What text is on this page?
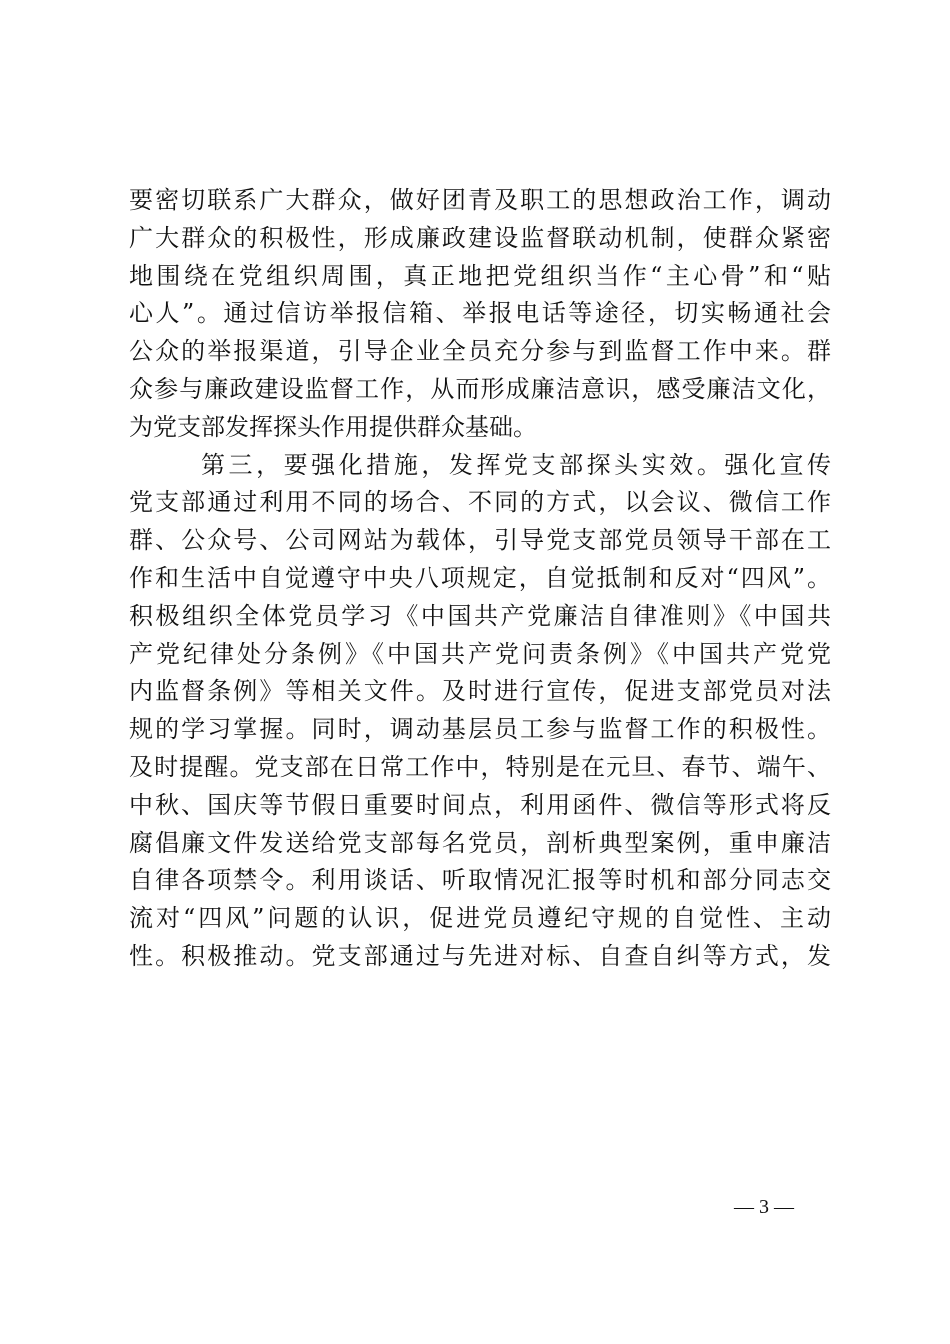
要密切联系广大群众，做好团青及职工的思想政治工作，调动
广大群众的积极性，形成廉政建设监督联动机制，使群众紧密
地围绕在党组织周围，真正地把党组织当作“主心骨”和“贴
心人”。通过信访举报信箱、举报电话等途径，切实畅通社会
公众的举报渠道，引导企业全员充分参与到监督工作中来。群
众参与廉政建设监督工作，从而形成廉洁意识，感受廉洁文化，
为党支部发挥探头作用提供群众基础。
第三，要强化措施，发挥党支部探头实效。强化宣传
党支部通过利用不同的场合、不同的方式，以会议、微信工作
群、公众号、公司网站为载体，引导党支部党员领导干部在工
作和生活中自觉遵守中央八项规定，自觉抵制和反对“四风”。
积极组织全体党员学习《中国共产党廉洁自律准则》《中国共
产党纪律处分条例》《中国共产党问责条例》《中国共产党党
内监督条例》等相关文件。及时进行宣传，促进支部党员对法
规的学习掌握。同时，调动基层员工参与监督工作的积极性。
及时提醒。党支部在日常工作中，特别是在元旦、春节、端午、
中秋、国庆等节假日重要时间点，利用函件、微信等形式将反
腐倡廉文件发送给党支部每名党员，剖析典型案例，重申廉洁
自律各项禁令。利用谈话、听取情况汇报等时机和部分同志交
流对“四风”问题的认识，促进党员遵纪守规的自觉性、主动
性。积极推动。党支部通过与先进对标、自查自纠等方式，发
— 3 —
